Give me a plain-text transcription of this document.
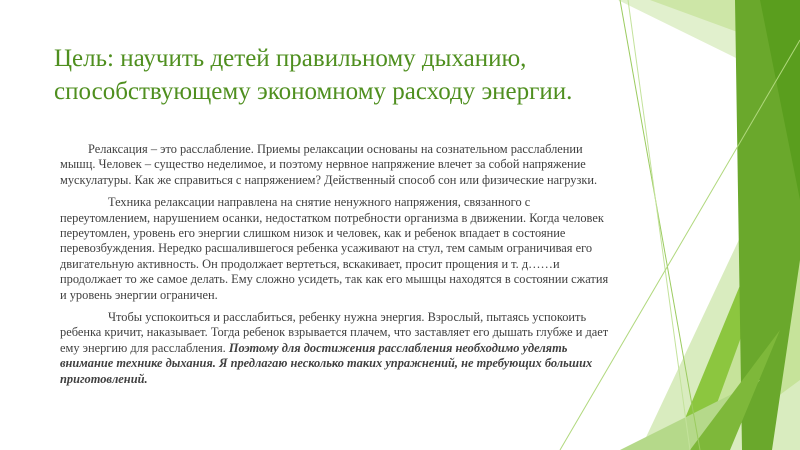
Цель: научить детей правильному дыханию, способствующему экономному расходу энергии.

Релаксация – это расслабление. Приемы релаксации основаны на сознательном расслаблении мышц. Человек – существо неделимое, и поэтому нервное напряжение влечет за собой напряжение мускулатуры. Как же справиться с напряжением? Действенный способ сон или физические нагрузки.

Техника релаксации направлена на снятие ненужного напряжения, связанного с переутомлением, нарушением осанки, недостатком потребности организма в движении. Когда человек переутомлен, уровень его энергии слишком низок и человек, как и ребенок впадает в состояние перевозбуждения. Нередко расшалившегося ребенка усаживают на стул, тем самым ограничивая его двигательную активность. Он продолжает вертеться, вскакивает, просит прощения и т. д……и продолжает то же самое делать. Ему сложно усидеть, так как его мышцы находятся в состоянии сжатия и уровень энергии ограничен.

Чтобы успокоиться и расслабиться, ребенку нужна энергия. Взрослый, пытаясь успокоить ребенка кричит, наказывает. Тогда ребенок взрывается плачем, что заставляет его дышать глубже и дает ему энергию для расслабления. Поэтому для достижения расслабления необходимо уделять внимание технике дыхания. Я предлагаю несколько таких упражнений, не требующих больших приготовлений.
